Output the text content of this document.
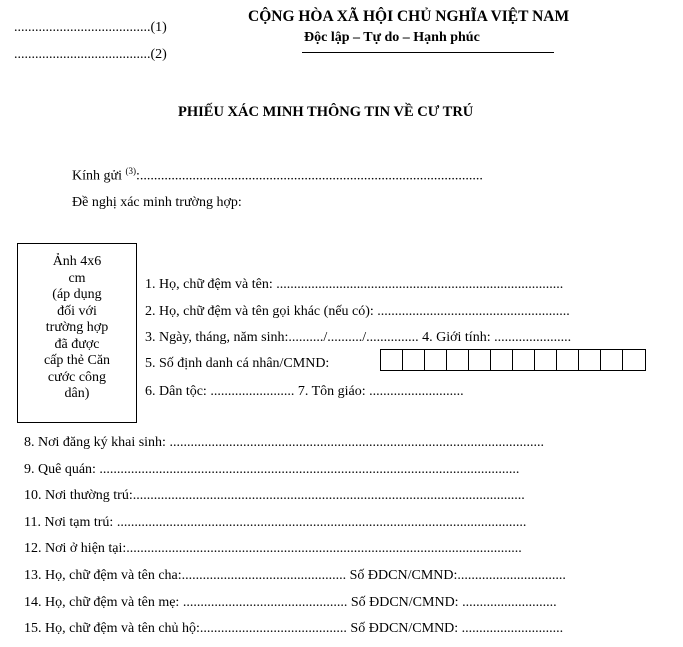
.......................................(1)
.......................................(2)
CỘNG HÒA XÃ HỘI CHỦ NGHĨA VIỆT NAM
Độc lập – Tự do – Hạnh phúc
PHIẾU XÁC MINH THÔNG TIN VỀ CƯ TRÚ
Kính gửi $^{(3)}$:..................................................................................................
Đề nghị xác minh trường hợp:
Ảnh 4x6
cm
(áp dụng
đối với
trường hợp
đã được
cấp thẻ Căn
cước công
dân)
1. Họ, chữ đệm và tên: ..................................................................................
2. Họ, chữ đệm và tên gọi khác (nếu có): .......................................................
3. Ngày, tháng, năm sinh:........../........../............... 4. Giới tính: ......................
5. Số định danh cá nhân/CMND:
6. Dân tộc: ........................ 7. Tôn giáo: ...........................
8. Nơi đăng ký khai sinh: ...........................................................................................................
9. Quê quán: ........................................................................................................................
10. Nơi thường trú:................................................................................................................
11. Nơi tạm trú: .....................................................................................................................
12. Nơi ở hiện tại:.................................................................................................................
13. Họ, chữ đệm và tên cha:............................................... Số ĐDCN/CMND:...............................
14. Họ, chữ đệm và tên mẹ: ............................................... Số ĐDCN/CMND: ...........................
15. Họ, chữ đệm và tên chủ hộ:.......................................... Số ĐDCN/CMND: .............................
